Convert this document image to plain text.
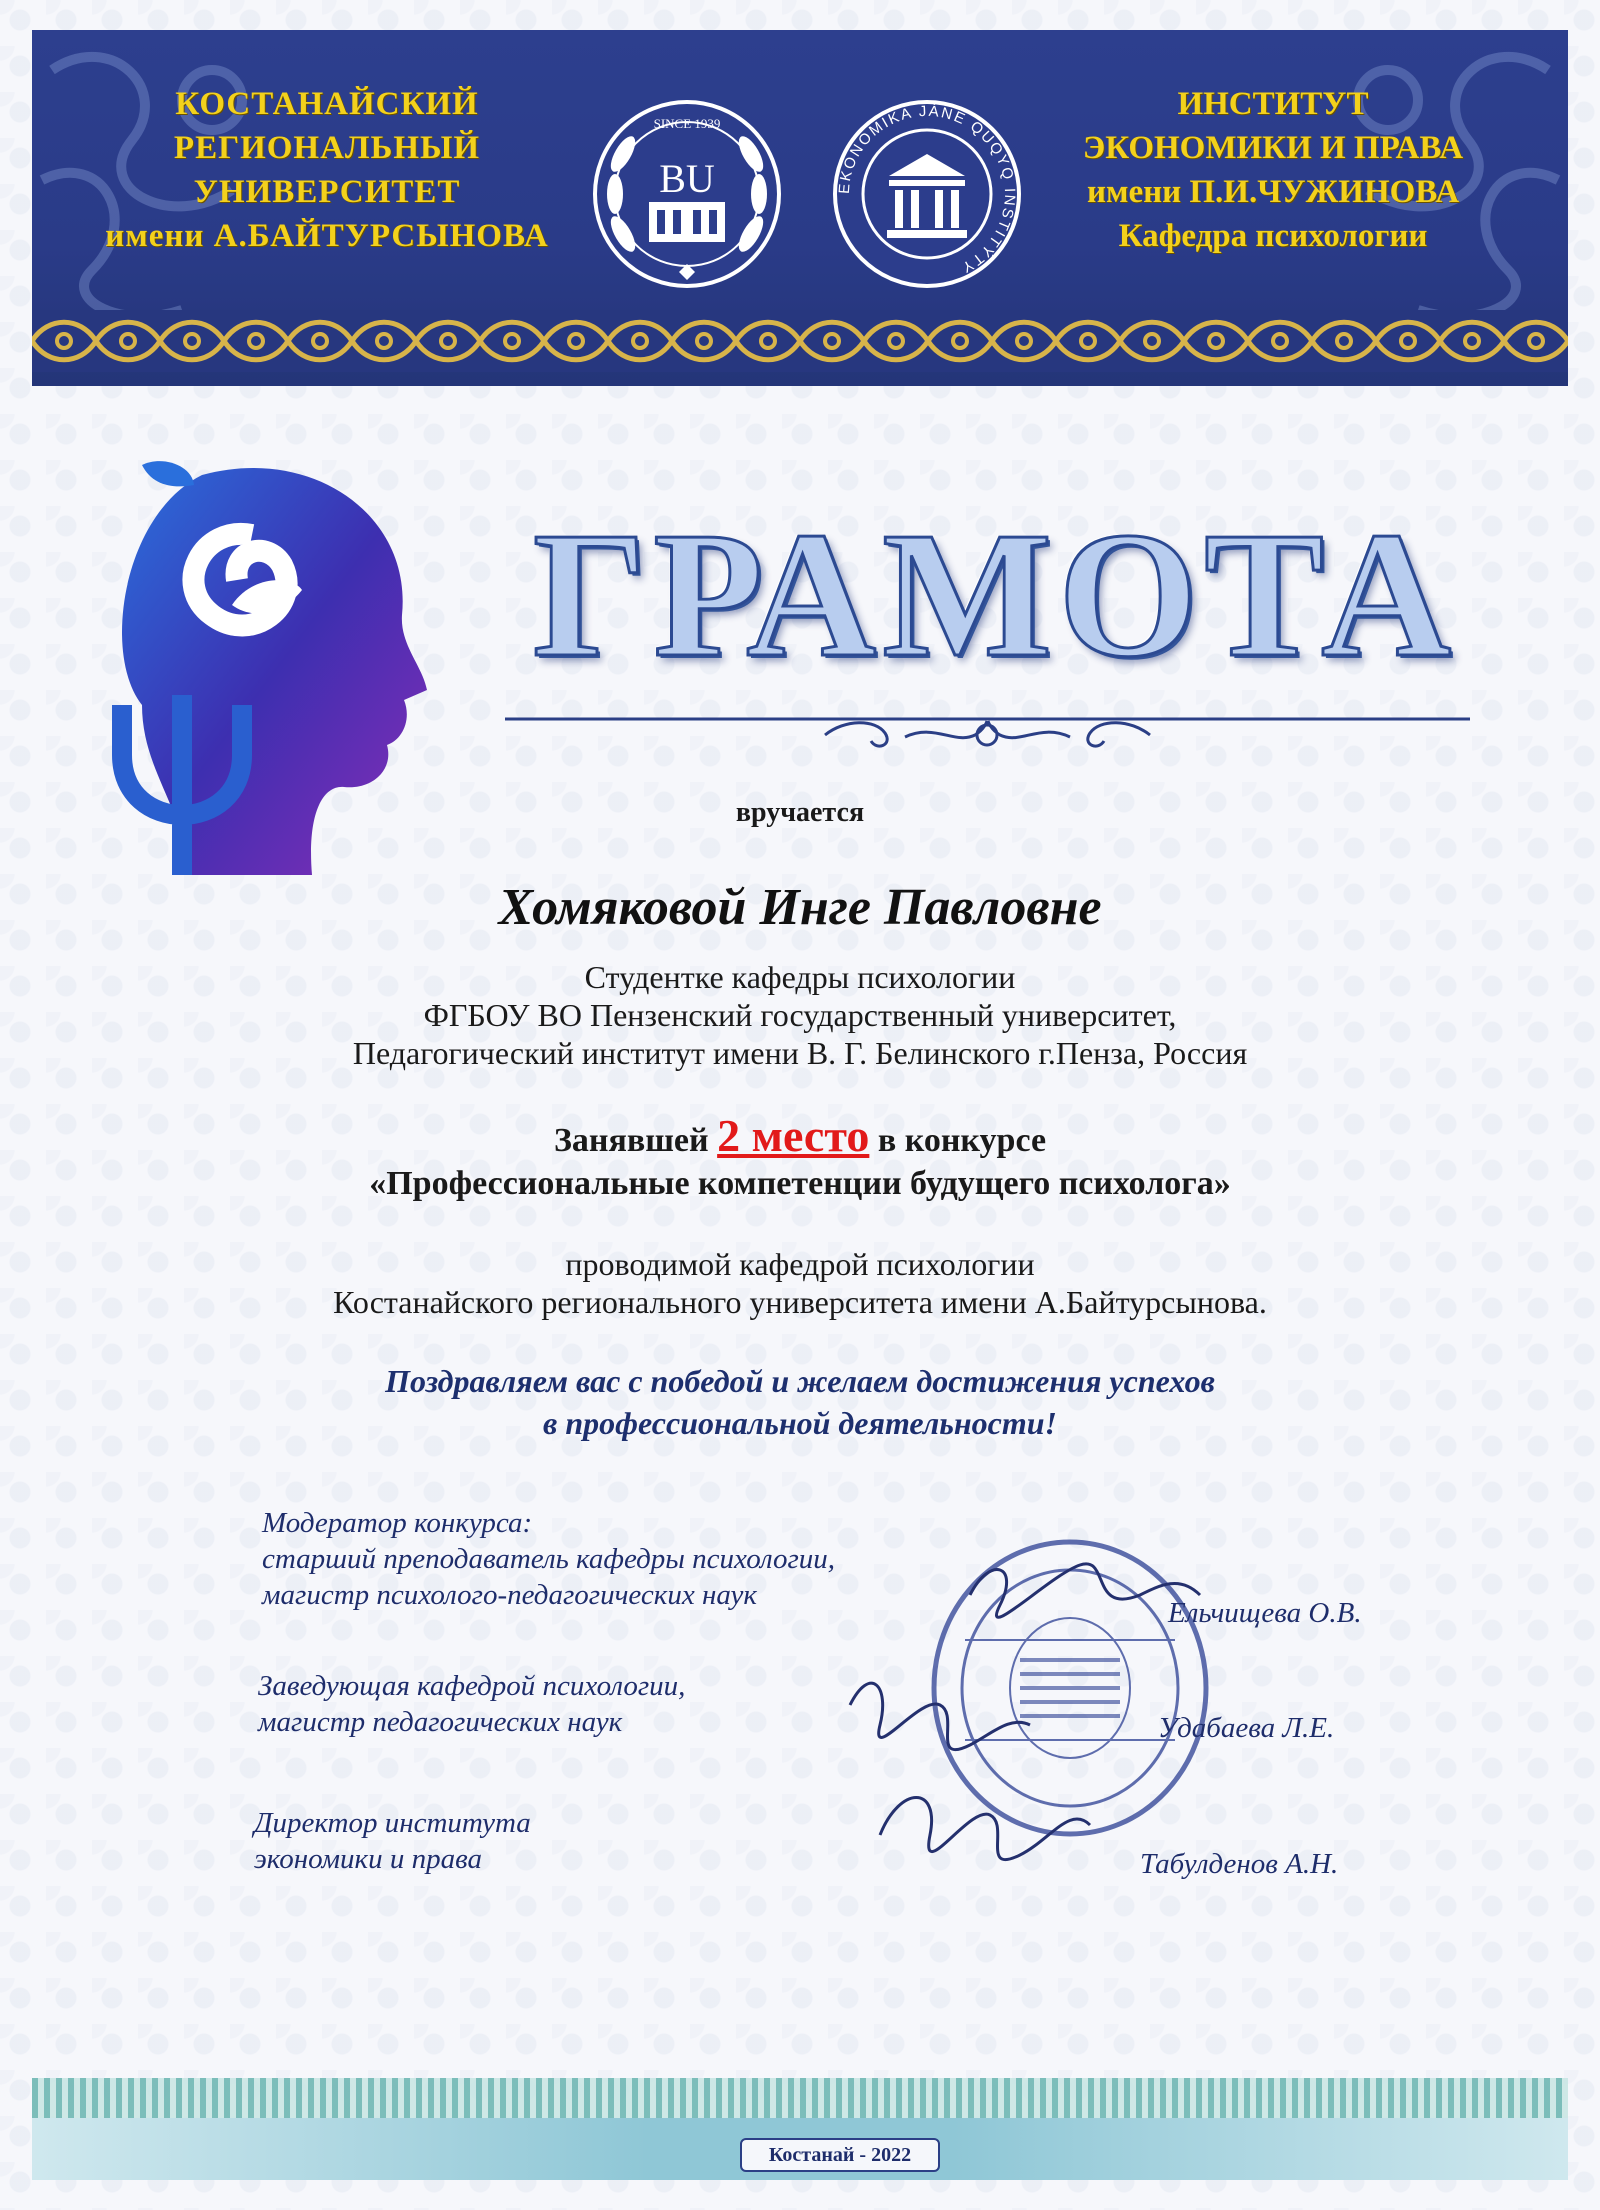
КОСТАНАЙСКИЙ
РЕГИОНАЛЬНЫЙ
УНИВЕРСИТЕТ
имени А.БАЙТУРСЫНОВА
SINCE 1939
BU	EKONOMIKA JÁNE QUQYQ INSTITÝTY
ИНСТИТУТ
ЭКОНОМИКИ И ПРАВА
имени П.И.ЧУЖИНОВА
Кафедра психологии
ГРАМОТА
вручается
Хомяковой Инге Павловне
Студентке кафедры психологии
ФГБОУ ВО Пензенский государственный университет,
Педагогический институт имени В. Г. Белинского г.Пенза, Россия
Занявшей 2 место в конкурсе
«Профессиональные компетенции будущего психолога»
проводимой кафедрой психологии
Костанайского регионального университета имени А.Байтурсынова.
Поздравляем вас с победой и желаем достижения успехов
в профессиональной деятельности!
Модератор конкурса:
старший преподаватель кафедры психологии,
магистр психолого-педагогических наук
Заведующая кафедрой психологии,
магистр педагогических наук
Директор института
экономики и права
Ельчищева О.В.
Удабаева Л.Е.
Табулденов А.Н.
Костанай - 2022
